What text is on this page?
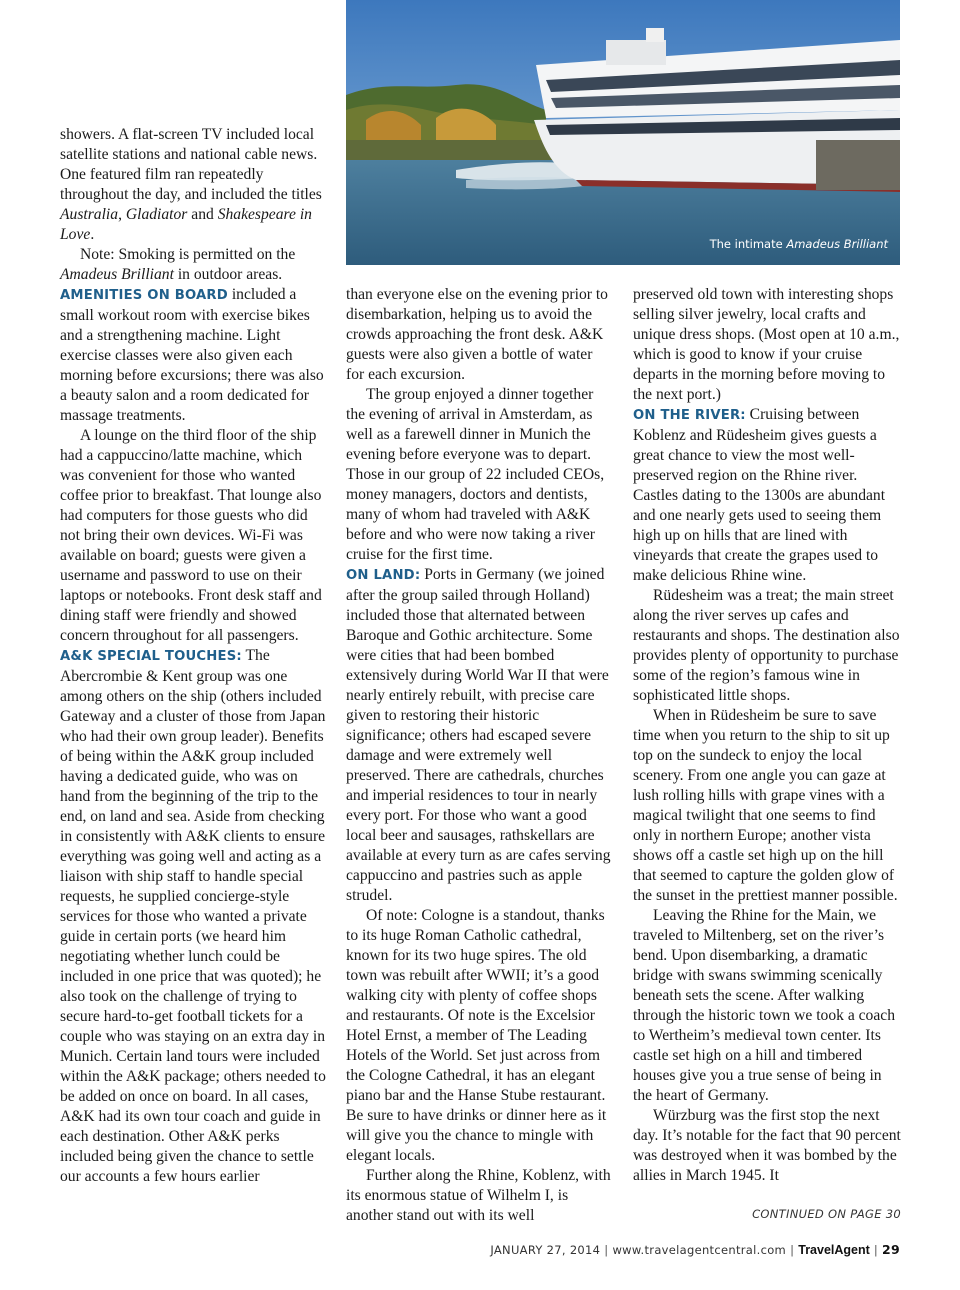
The intimate Amadeus Brilliant

showers. A flat-screen TV included local satellite stations and national cable news. One featured film ran repeatedly throughout the day, and included the titles Australia, Gladiator and Shakespeare in Love.

Note: Smoking is permitted on the Amadeus Brilliant in outdoor areas.

AMENITIES ON BOARD included a small workout room with exercise bikes and a strengthening machine. Light exercise classes were also given each morning before excursions; there was also a beauty salon and a room dedicated for massage treatments.

A lounge on the third floor of the ship had a cappuccino/latte machine, which was convenient for those who wanted coffee prior to breakfast. That lounge also had computers for those guests who did not bring their own devices. Wi-Fi was available on board; guests were given a username and password to use on their laptops or notebooks. Front desk staff and dining staff were friendly and showed concern throughout for all passengers.

A&K SPECIAL TOUCHES: The Abercrombie & Kent group was one among others on the ship (others included Gateway and a cluster of those from Japan who had their own group leader). Benefits of being within the A&K group included having a dedicated guide, who was on hand from the beginning of the trip to the end, on land and sea. Aside from checking in consistently with A&K clients to ensure everything was going well and acting as a liaison with ship staff to handle special requests, he supplied concierge-style services for those who wanted a private guide in certain ports (we heard him negotiating whether lunch could be included in one price that was quoted); he also took on the challenge of trying to secure hard-to-get football tickets for a couple who was staying on an extra day in Munich. Certain land tours were included within the A&K package; others needed to be added on once on board. In all cases, A&K had its own tour coach and guide in each destination. Other A&K perks included being given the chance to settle our accounts a few hours earlier

than everyone else on the evening prior to disembarkation, helping us to avoid the crowds approaching the front desk. A&K guests were also given a bottle of water for each excursion.

The group enjoyed a dinner together the evening of arrival in Amsterdam, as well as a farewell dinner in Munich the evening before everyone was to depart. Those in our group of 22 included CEOs, money managers, doctors and dentists, many of whom had traveled with A&K before and who were now taking a river cruise for the first time.

ON LAND: Ports in Germany (we joined after the group sailed through Holland) included those that alternated between Baroque and Gothic architecture. Some were cities that had been bombed extensively during World War II that were nearly entirely rebuilt, with precise care given to restoring their historic significance; others had escaped severe damage and were extremely well preserved. There are cathedrals, churches and imperial residences to tour in nearly every port. For those who want a good local beer and sausages, rathskellars are available at every turn as are cafes serving cappuccino and pastries such as apple strudel.

Of note: Cologne is a standout, thanks to its huge Roman Catholic cathedral, known for its two huge spires. The old town was rebuilt after WWII; it’s a good walking city with plenty of coffee shops and restaurants. Of note is the Excelsior Hotel Ernst, a member of The Leading Hotels of the World. Set just across from the Cologne Cathedral, it has an elegant piano bar and the Hanse Stube restaurant. Be sure to have drinks or dinner here as it will give you the chance to mingle with elegant locals.

Further along the Rhine, Koblenz, with its enormous statue of Wilhelm I, is another stand out with its well

preserved old town with interesting shops selling silver jewelry, local crafts and unique dress shops. (Most open at 10 a.m., which is good to know if your cruise departs in the morning before moving to the next port.)

ON THE RIVER: Cruising between Koblenz and Rüdesheim gives guests a great chance to view the most well-preserved region on the Rhine river. Castles dating to the 1300s are abundant and one nearly gets used to seeing them high up on hills that are lined with vineyards that create the grapes used to make delicious Rhine wine.

Rüdesheim was a treat; the main street along the river serves up cafes and restaurants and shops. The destination also provides plenty of opportunity to purchase some of the region’s famous wine in sophisticated little shops.

When in Rüdesheim be sure to save time when you return to the ship to sit up top on the sundeck to enjoy the local scenery. From one angle you can gaze at lush rolling hills with grape vines with a magical twilight that one seems to find only in northern Europe; another vista shows off a castle set high up on the hill that seemed to capture the golden glow of the sunset in the prettiest manner possible.

Leaving the Rhine for the Main, we traveled to Miltenberg, set on the river’s bend. Upon disembarking, a dramatic bridge with swans swimming scenically beneath sets the scene. After walking through the historic town we took a coach to Wertheim’s medieval town center. Its castle set high on a hill and timbered houses give you a true sense of being in the heart of Germany.

Würzburg was the first stop the next day. It’s notable for the fact that 90 percent was destroyed when it was bombed by the allies in March 1945. It

CONTINUED ON PAGE 30
JANUARY 27, 2014 | www.travelagentcentral.com | TravelAgent | 29
